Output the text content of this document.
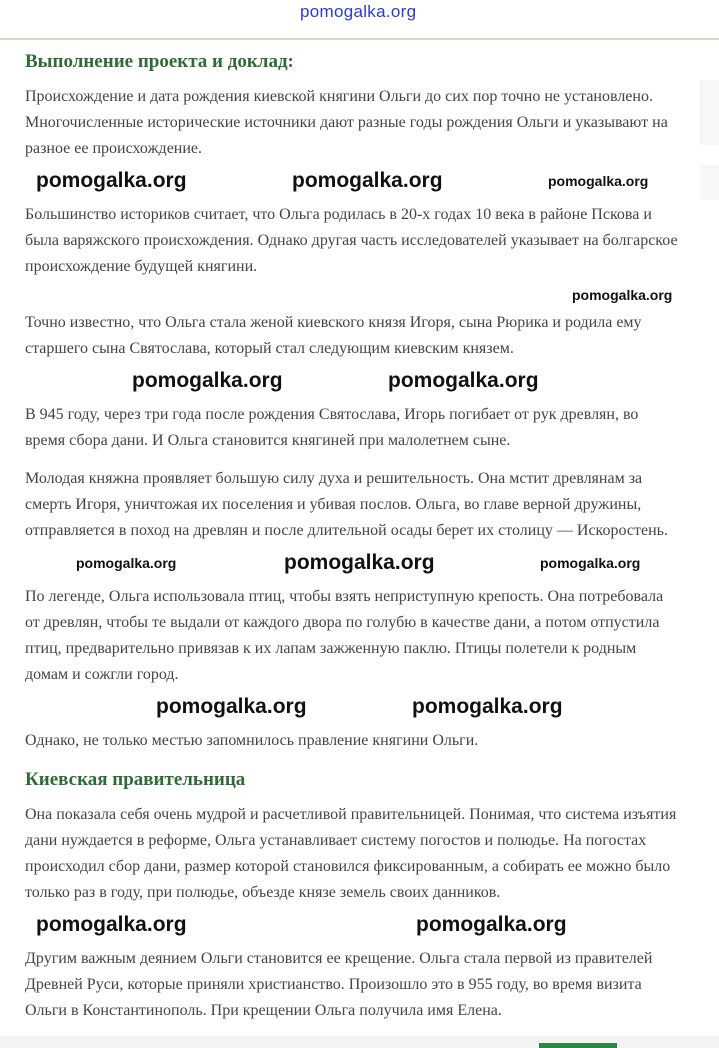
pomogalka.org
Выполнение проекта и доклад:

Происхождение и дата рождения киевской княгини Ольги до сих пор точно не установлено. Многочисленные исторические источники дают разные годы рождения Ольги и указывают на разное ее происхождение.

pomogalka.org	pomogalka.org	pomogalka.org

Большинство историков считает, что Ольга родилась в 20-х годах 10 века в районе Пскова и была варяжского происхождения. Однако другая часть исследователей указывает на болгарское происхождение будущей княгини.

pomogalka.org

Точно известно, что Ольга стала женой киевского князя Игоря, сына Рюрика и родила ему старшего сына Святослава, который стал следующим киевским князем.

pomogalka.org	pomogalka.org

В 945 году, через три года после рождения Святослава, Игорь погибает от рук древлян, во время сбора дани. И Ольга становится княгиней при малолетнем сыне.

Молодая княжна проявляет большую силу духа и решительность. Она мстит древлянам за смерть Игоря, уничтожая их поселения и убивая послов. Ольга, во главе верной дружины, отправляется в поход на древлян и после длительной осады берет их столицу — Искоростень.

pomogalka.org	pomogalka.org	pomogalka.org

По легенде, Ольга использовала птиц, чтобы взять неприступную крепость. Она потребовала от древлян, чтобы те выдали от каждого двора по голубю в качестве дани, а потом отпустила птиц, предварительно привязав к их лапам зажженную паклю. Птицы полетели к родным домам и сожгли город.

pomogalka.org	pomogalka.org

Однако, не только местью запомнилось правление княгини Ольги.

Киевская правительница

Она показала себя очень мудрой и расчетливой правительницей. Понимая, что система изъятия дани нуждается в реформе, Ольга устанавливает систему погостов и полюдье. На погостах происходил сбор дани, размер которой становился фиксированным, а собирать ее можно было только раз в году, при полюдье, объезде князе земель своих данников.

pomogalka.org	pomogalka.org

Другим важным деянием Ольги становится ее крещение. Ольга стала первой из правителей Древней Руси, которые приняли христианство. Произошло это в 955 году, во время визита Ольги в Константинополь. При крещении Ольга получила имя Елена.
